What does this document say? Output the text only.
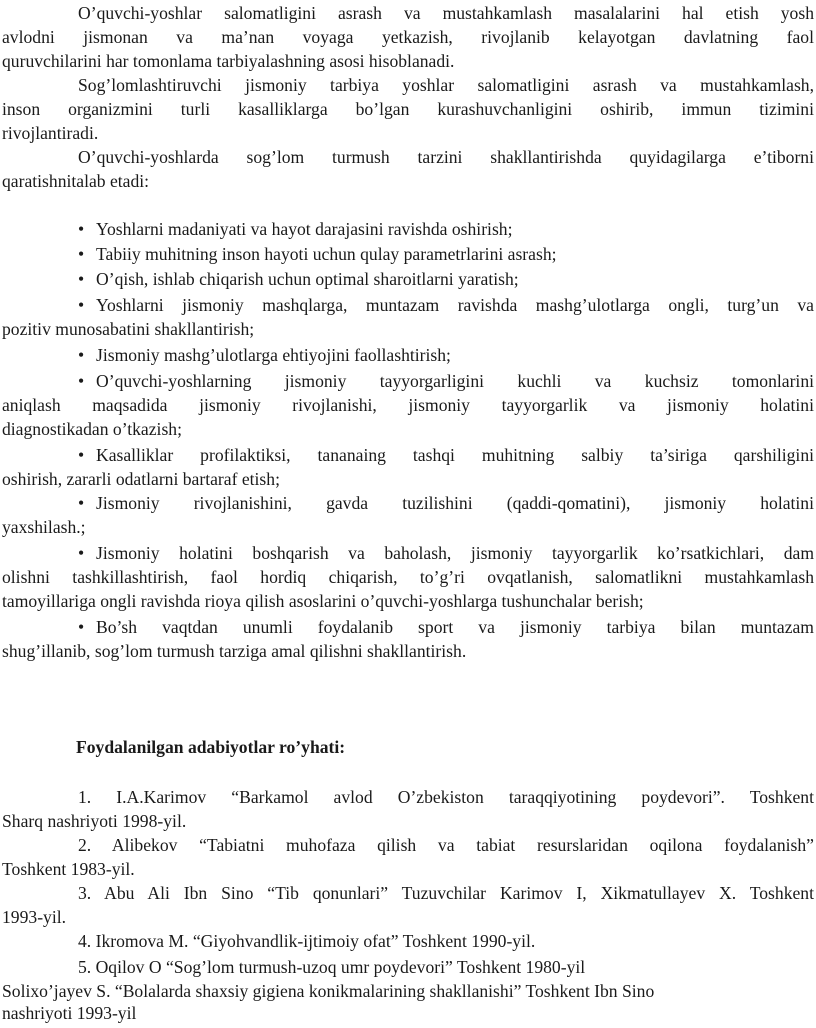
O’quvchi-yoshlar salomatligini asrash va mustahkamlash masalalarini hal etish yosh

avlodni jismonan va ma’nan voyaga yetkazish, rivojlanib kelayotgan davlatning faol

quruvchilarini har tomonlama tarbiyalashning asosi hisoblanadi.

Sog’lomlashtiruvchi jismoniy tarbiya yoshlar salomatligini asrash va mustahkamlash,

inson organizmini turli kasalliklarga bo’lgan kurashuvchanligini oshirib, immun tizimini

rivojlantiradi.

O’quvchi-yoshlarda sog’lom turmush tarzini shakllantirishda quyidagilarga e’tiborni

qaratishnitalab etadi:

• Yoshlarni madaniyati va hayot darajasini ravishda oshirish;

• Tabiiy muhitning inson hayoti uchun qulay parametrlarini asrash;

• O’qish, ishlab chiqarish uchun optimal sharoitlarni yaratish;

• Yoshlarni jismoniy mashqlarga, muntazam ravishda mashg’ulotlarga ongli, turg’un va

pozitiv munosabatini shakllantirish;

• Jismoniy mashg’ulotlarga ehtiyojini faollashtirish;

• O’quvchi-yoshlarning jismoniy tayyorgarligini kuchli va kuchsiz tomonlarini

aniqlash maqsadida jismoniy rivojlanishi, jismoniy tayyorgarlik va jismoniy holatini

diagnostikadan o’tkazish;

• Kasalliklar profilaktiksi, tananaing tashqi muhitning salbiy ta’siriga qarshiligini

oshirish, zararli odatlarni bartaraf etish;

• Jismoniy rivojlanishini, gavda tuzilishini (qaddi-qomatini), jismoniy holatini

yaxshilash.;

• Jismoniy holatini boshqarish va baholash, jismoniy tayyorgarlik ko’rsatkichlari, dam

olishni tashkillashtirish, faol hordiq chiqarish, to’g’ri ovqatlanish, salomatlikni mustahkamlash

tamoyillariga ongli ravishda rioya qilish asoslarini o’quvchi-yoshlarga tushunchalar berish;

• Bo’sh vaqtdan unumli foydalanib sport va jismoniy tarbiya bilan muntazam

shug’illanib, sog’lom turmush tarziga amal qilishni shakllantirish.

Foydalanilgan adabiyotlar ro’yhati:

1. I.A.Karimov “Barkamol avlod O’zbekiston taraqqiyotining poydevori”. Toshkent

Sharq nashriyoti 1998-yil.

2. Alibekov “Tabiatni muhofaza qilish va tabiat resurslaridan oqilona foydalanish”

Toshkent 1983-yil.

3. Abu Ali Ibn Sino “Tib qonunlari” Tuzuvchilar Karimov I, Xikmatullayev X. Toshkent

1993-yil.

4. Ikromova M. “Giyohvandlik-ijtimoiy ofat” Toshkent 1990-yil.

5. Oqilov O “Sog’lom turmush-uzoq umr poydevori” Toshkent 1980-yil

Solixo’jayev S. “Bolalarda shaxsiy gigiena konikmalarining shakllanishi” Toshkent Ibn Sino

nashriyoti 1993-yil
